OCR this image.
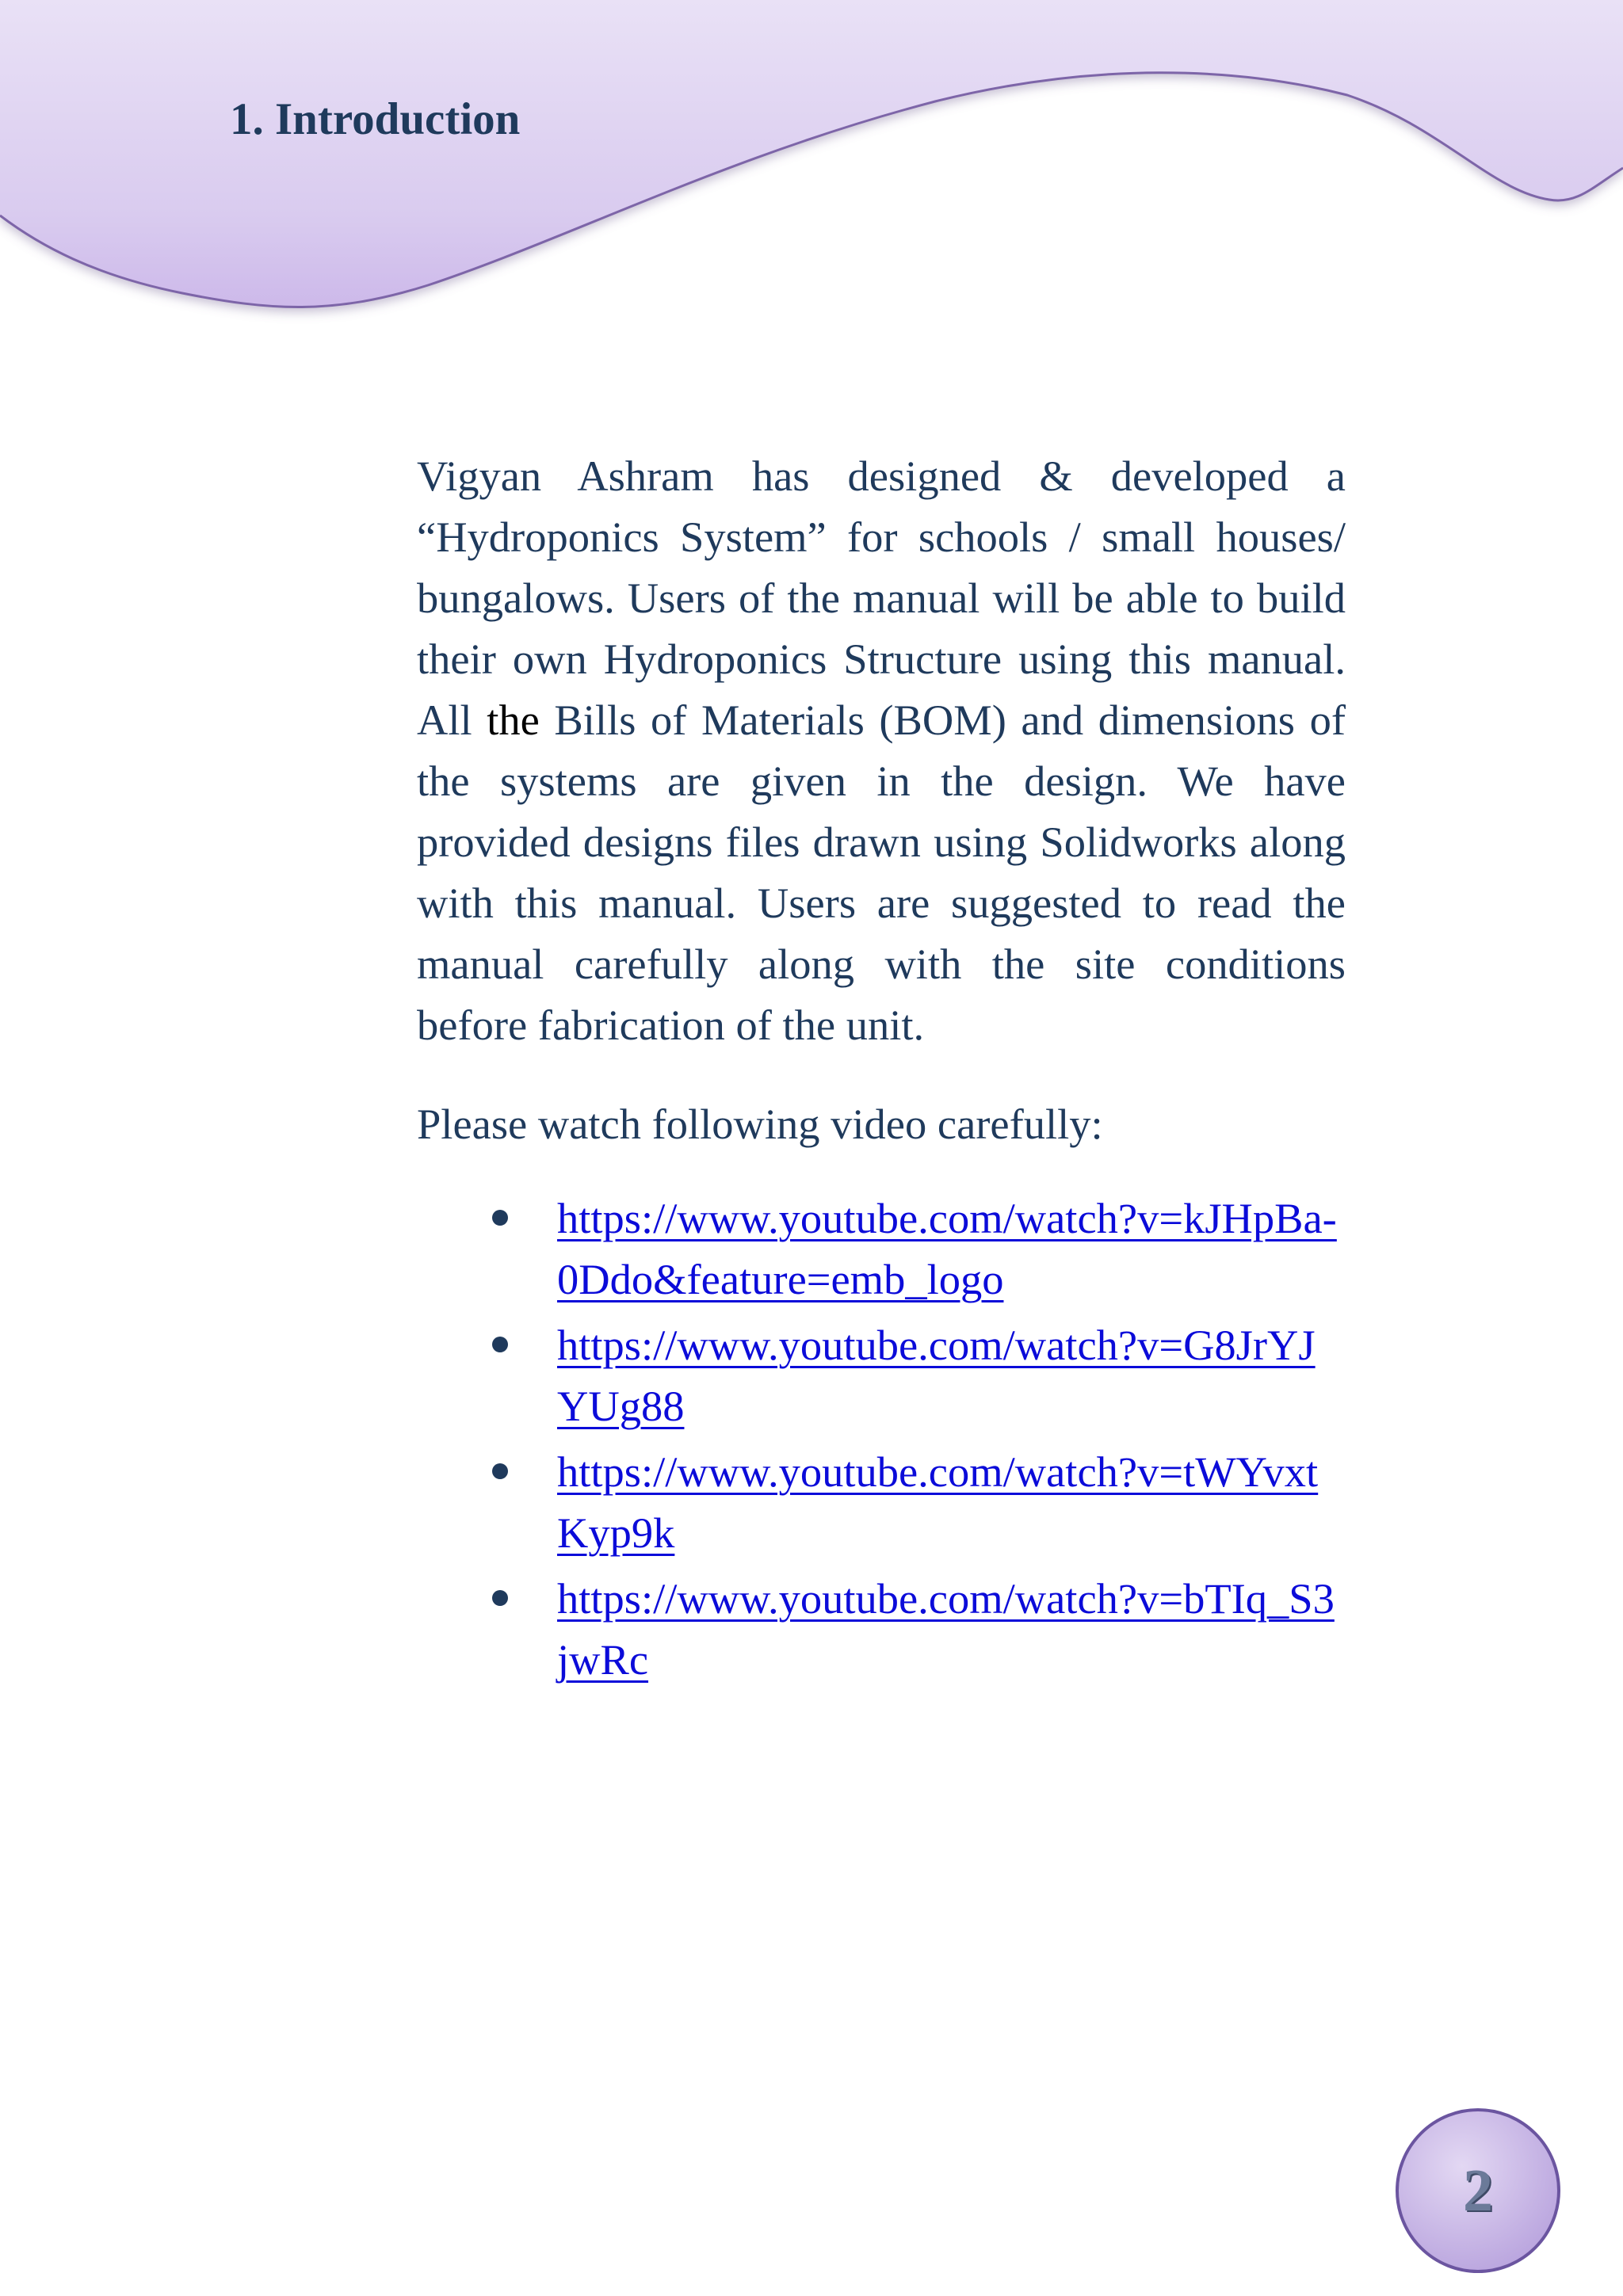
1. Introduction

Vigyan Ashram has designed & developed a “Hydroponics System” for schools / small houses/ bungalows. Users of the manual will be able to build their own Hydroponics Structure using this manual. All the Bills of Materials (BOM) and dimensions of the systems are given in the design. We have provided designs files drawn using Solidworks along with this manual. Users are suggested to read the manual carefully along with the site conditions before fabrication of the unit.

Please watch following video carefully:

https://www.youtube.com/watch?v=kJHpBa-0Ddo&feature=emb_logo
https://www.youtube.com/watch?v=G8JrYJYUg88
https://www.youtube.com/watch?v=tWYvxtKyp9k
https://www.youtube.com/watch?v=bTIq_S3jwRc
2
